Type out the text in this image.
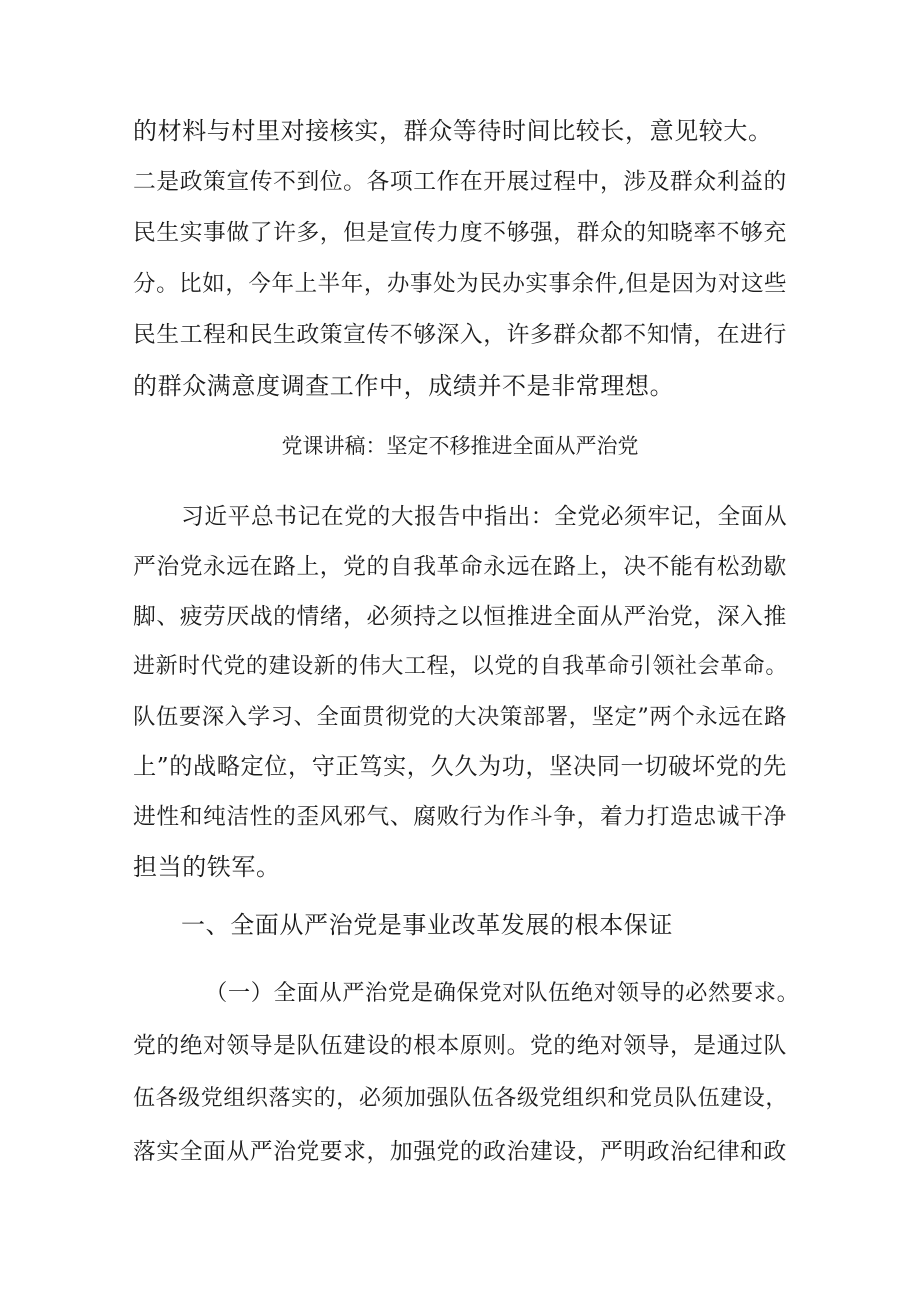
的材料与村里对接核实，群众等待时间比较长，意见较大。
二是政策宣传不到位。各项工作在开展过程中，涉及群众利益的
民生实事做了许多，但是宣传力度不够强，群众的知晓率不够充
分。比如，今年上半年，办事处为民办实事余件,但是因为对这些
民生工程和民生政策宣传不够深入，许多群众都不知情，在进行
的群众满意度调查工作中，成绩并不是非常理想。
党课讲稿：坚定不移推进全面从严治党
习近平总书记在党的大报告中指出：全党必须牢记，全面从
严治党永远在路上，党的自我革命永远在路上，决不能有松劲歇
脚、疲劳厌战的情绪，必须持之以恒推进全面从严治党，深入推
进新时代党的建设新的伟大工程，以党的自我革命引领社会革命。
队伍要深入学习、全面贯彻党的大决策部署，坚定”两个永远在路
上”的战略定位，守正笃实，久久为功，坚决同一切破坏党的先
进性和纯洁性的歪风邪气、腐败行为作斗争，着力打造忠诚干净
担当的铁军。
一、全面从严治党是事业改革发展的根本保证
（一）全面从严治党是确保党对队伍绝对领导的必然要求。
党的绝对领导是队伍建设的根本原则。党的绝对领导，是通过队
伍各级党组织落实的，必须加强队伍各级党组织和党员队伍建设，
落实全面从严治党要求，加强党的政治建设，严明政治纪律和政
